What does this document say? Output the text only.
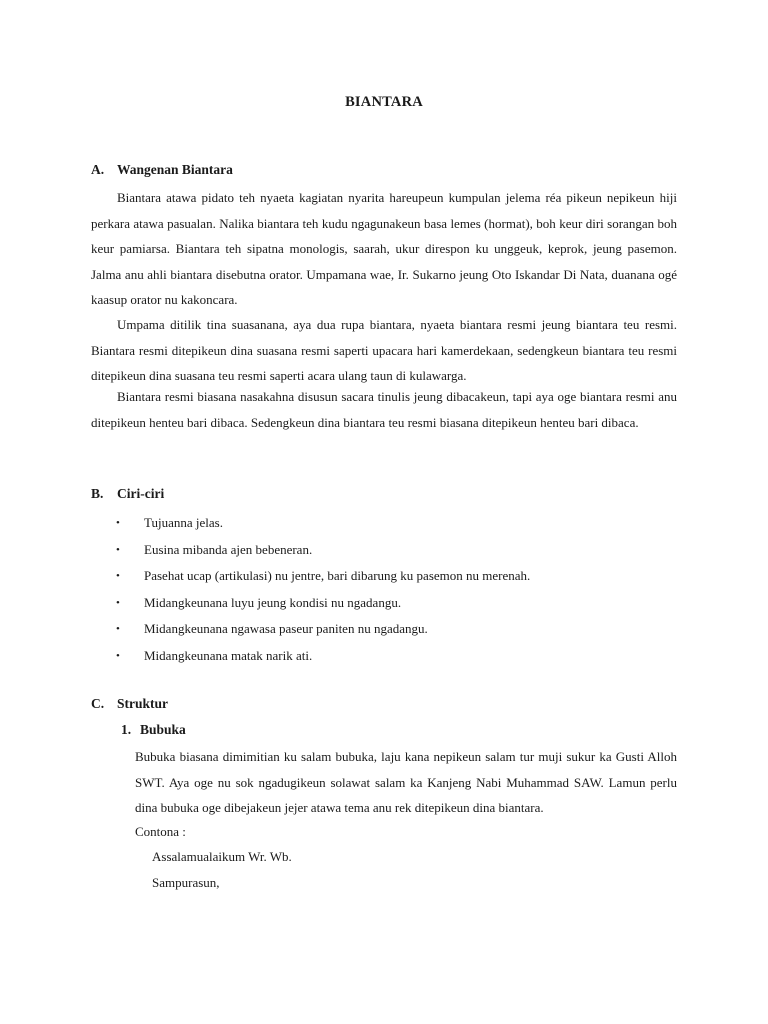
BIANTARA
A. Wangenan Biantara

Biantara atawa pidato teh nyaeta kagiatan nyarita hareupeun kumpulan jelema réa pikeun nepikeun hiji perkara atawa pasualan. Nalika biantara teh kudu ngagunakeun basa lemes (hormat), boh keur diri sorangan boh keur pamiarsa. Biantara teh sipatna monologis, saarah, ukur direspon ku unggeuk, keprok, jeung pasemon. Jalma anu ahli biantara disebutna orator. Umpamana wae, Ir. Sukarno jeung Oto Iskandar Di Nata, duanana ogé kaasup orator nu kakoncara.

Umpama ditilik tina suasanana, aya dua rupa biantara, nyaeta biantara resmi jeung biantara teu resmi. Biantara resmi ditepikeun dina suasana resmi saperti upacara hari kamerdekaan, sedengkeun biantara teu resmi ditepikeun dina suasana teu resmi saperti acara ulang taun di kulawarga.

Biantara resmi biasana nasakahna disusun sacara tinulis jeung dibacakeun, tapi aya oge biantara resmi anu ditepikeun henteu bari dibaca. Sedengkeun dina biantara teu resmi biasana ditepikeun henteu bari dibaca.

B.	Ciri-ciri
•	Tujuanna jelas.
•	Eusina mibanda ajen bebeneran.
•	Pasehat ucap (artikulasi) nu jentre, bari dibarung ku pasemon nu merenah.
•	Midangkeunana luyu jeung kondisi nu ngadangu.
•	Midangkeunana ngawasa paseur paniten nu ngadangu.
•	Midangkeunana matak narik ati.
C. Struktur
1. Bubuka

Bubuka biasana dimimitian ku salam bubuka, laju kana nepikeun salam tur muji sukur ka Gusti Alloh SWT. Aya oge nu sok ngadugikeun solawat salam ka Kanjeng Nabi Muhammad SAW. Lamun perlu dina bubuka oge dibejakeun jejer atawa tema anu rek ditepikeun dina biantara.

Contona :
Assalamualaikum Wr. Wb.
Sampurasun,
